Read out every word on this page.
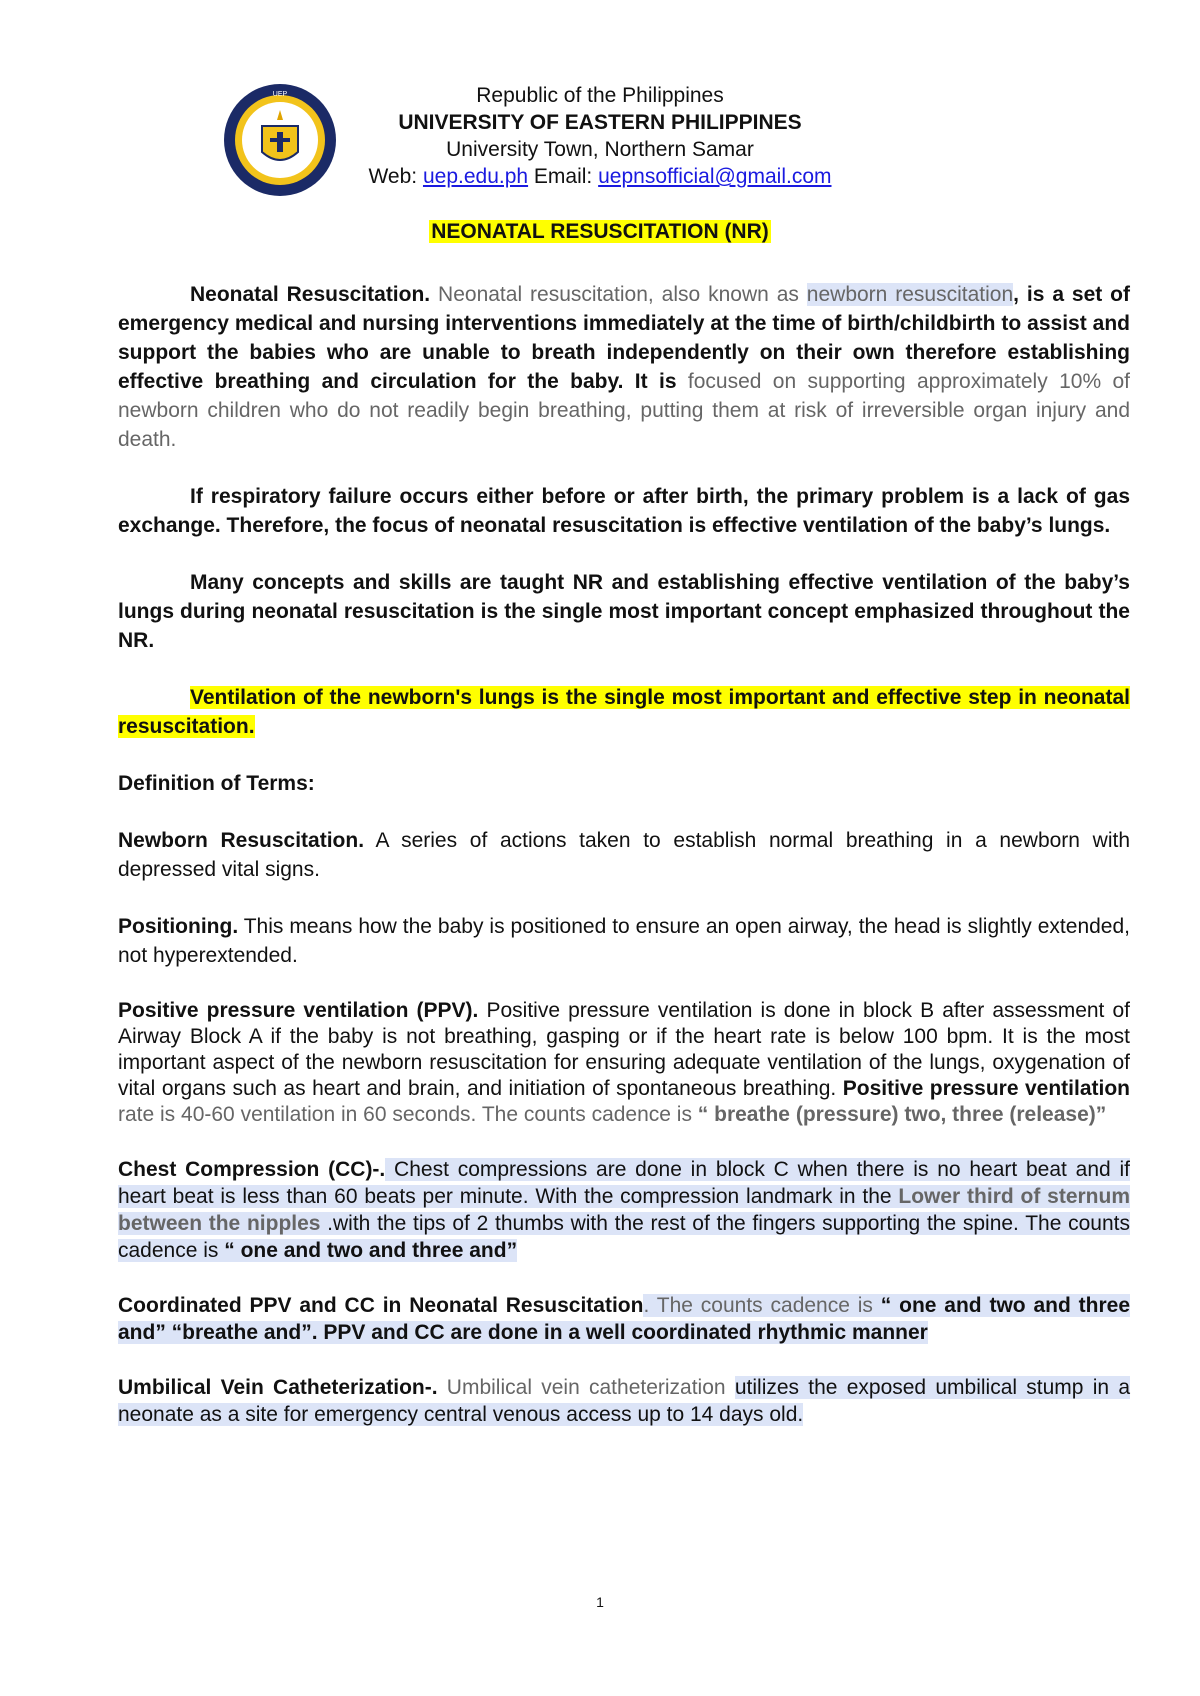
UEP	Republic of the Philippines
UNIVERSITY OF EASTERN PHILIPPINES
University Town, Northern Samar
Web: uep.edu.ph Email: uepnsofficial@gmail.com
NEONATAL RESUSCITATION (NR)

Neonatal Resuscitation. Neonatal resuscitation, also known as newborn resuscitation, is a set of emergency medical and nursing interventions immediately at the time of birth/childbirth to assist and support the babies who are unable to breath independently on their own therefore establishing effective breathing and circulation for the baby. It is focused on supporting approximately 10% of newborn children who do not readily begin breathing, putting them at risk of irreversible organ injury and death.

If respiratory failure occurs either before or after birth, the primary problem is a lack of gas exchange. Therefore, the focus of neonatal resuscitation is effective ventilation of the baby’s lungs.

Many concepts and skills are taught NR and establishing effective ventilation of the baby’s lungs during neonatal resuscitation is the single most important concept emphasized throughout the NR.

Ventilation of the newborn's lungs is the single most important and effective step in neonatal resuscitation.

Definition of Terms:

Newborn Resuscitation. A series of actions taken to establish normal breathing in a newborn with depressed vital signs.

Positioning. This means how the baby is positioned to ensure an open airway, the head is slightly extended, not hyperextended.

Positive pressure ventilation (PPV). Positive pressure ventilation is done in block B after assessment of Airway Block A if the baby is not breathing, gasping or if the heart rate is below 100 bpm. It is the most important aspect of the newborn resuscitation for ensuring adequate ventilation of the lungs, oxygenation of vital organs such as heart and brain, and initiation of spontaneous breathing. Positive pressure ventilation rate is 40-60 ventilation in 60 seconds. The counts cadence is “ breathe (pressure) two, three (release)”

Chest Compression (CC)-. Chest compressions are done in block C when there is no heart beat and if heart beat is less than 60 beats per minute. With the compression landmark in the Lower third of sternum between the nipples .with the tips of 2 thumbs with the rest of the fingers supporting the spine. The counts cadence is “ one and two and three and”

Coordinated PPV and CC in Neonatal Resuscitation. The counts cadence is “ one and two and three and” “breathe and”. PPV and CC are done in a well coordinated rhythmic manner

Umbilical Vein Catheterization-. Umbilical vein catheterization utilizes the exposed umbilical stump in a neonate as a site for emergency central venous access up to 14 days old.

1
